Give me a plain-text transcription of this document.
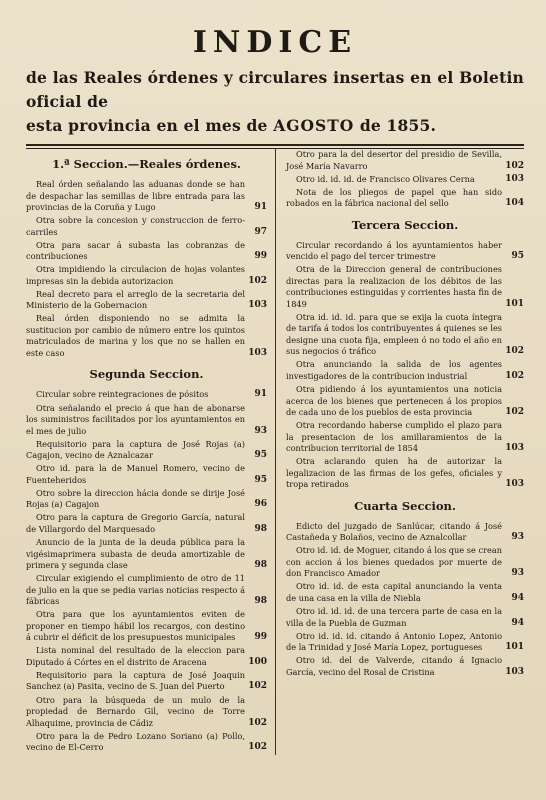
INDICE

de las Reales órdenes y circulares insertas en el Boletin oficial de
esta provincia en el mes de AGOSTO de 1855.

1.ª Seccion.—Reales órdenes.
Real órden señalando las aduanas donde se han de despachar las semillas de libre entrada para las provincias de la Coruña y Lugo	91
Otra sobre la concesion y construccion de ferro-carriles	97
Otra para sacar á subasta las cobranzas de contribuciones	99
Otra impidiendo la circulacion de hojas volantes impresas sin la debida autorizacion	102
Real decreto para el arreglo de la secretaria del Ministerio de la Gobernacion	103
Real órden disponiendo no se admita la sustitucion por cambio de número entre los quintos matriculados de marina y los que no se hallen en este caso	103
Segunda Seccion.
Circular sobre reintegraciones de pósitos	91
Otra señalando el precio á que han de abonarse los suministros facilitados por los ayuntamientos en el mes de julio	93
Requisitorio para la captura de José Rojas (a) Cagajon, vecino de Aznalcazar	95
Otro id. para la de Manuel Romero, vecino de Fuenteheridos	95
Otro sobre la direccion hácia donde se dirije José Rojas (a) Cagajon	96
Otro para la captura de Gregorio García, natural de Villargordo del Marquesado	98
Anuncio de la junta de la deuda pública para la vigésimaprimera subasta de deuda amortizable de primera y segunda clase	98
Circular exigiendo el cumplimiento de otro de 11 de julio en la que se pedia varias noticias respecto á fábricas	98
Otra para que los ayuntamientos eviten de proponer en tiempo hábil los recargos, con destino á cubrir el déficit de los presupuestos municipales	99
Lista nominal del resultado de la eleccion para Diputado á Córtes en el distrito de Aracena	100
Requisitorio para la captura de José Joaquin Sanchez (a) Pasita, vecino de S. Juan del Puerto	102
Otro para la búsqueda de un mulo de la propiedad de Bernardo Gil, vecino de Torre Alhaquime, provincia de Cádiz	102
Otro para la de Pedro Lozano Soriano (a) Pollo, vecino de El-Cerro	102
Otro para la del desertor del presidio de Sevilla, José María Navarro	102
Otro id. id. id. de Francisco Olivares Cerna	103
Nota de los pliegos de papel que han sido robados en la fábrica nacional del sello	104
Tercera Seccion.
Circular recordando á los ayuntamientos haber vencido el pago del tercer trimestre	95
Otra de la Direccion general de contribuciones directas para la realizacion de los débitos de las contribuciones estinguidas y corrientes hasta fin de 1849	101
Otra id. id. id. para que se exija la cuota íntegra de tarifa á todos los contribuyentes á quienes se les designe una cuota fija, empleen ó no todo el año en sus negocios ó tráfico	102
Otra anunciando la salida de los agentes investigadores de la contribucion industrial	102
Otra pidiendo á los ayuntamientos una noticia acerca de los bienes que pertenecen á los propios de cada uno de los pueblos de esta provincia	102
Otra recordando haberse cumplido el plazo para la presentacion de los amillaramientos de la contribucion territorial de 1854	103
Otra aclarando quien ha de autorizar la legalizacion de las firmas de los gefes, oficiales y tropa retirados	103
Cuarta Seccion.
Edicto del juzgado de Sanlúcar, citando á José Castañeda y Bolaños, vecino de Aznalcollar	93
Otro id. id. de Moguer, citando á los que se crean con accion á los bienes quedados por muerte de don Francisco Amador	93
Otro id. id. de esta capital anunciando la venta de una casa en la villa de Niebla	94
Otro id. id. id. de una tercera parte de casa en la villa de la Puebla de Guzman	94
Otro id. id. id. citando á Antonio Lopez, Antonio de la Trinidad y José María Lopez, portugueses	101
Otro id. del de Valverde, citando á Ignacio García, vecino del Rosal de Cristina	103
